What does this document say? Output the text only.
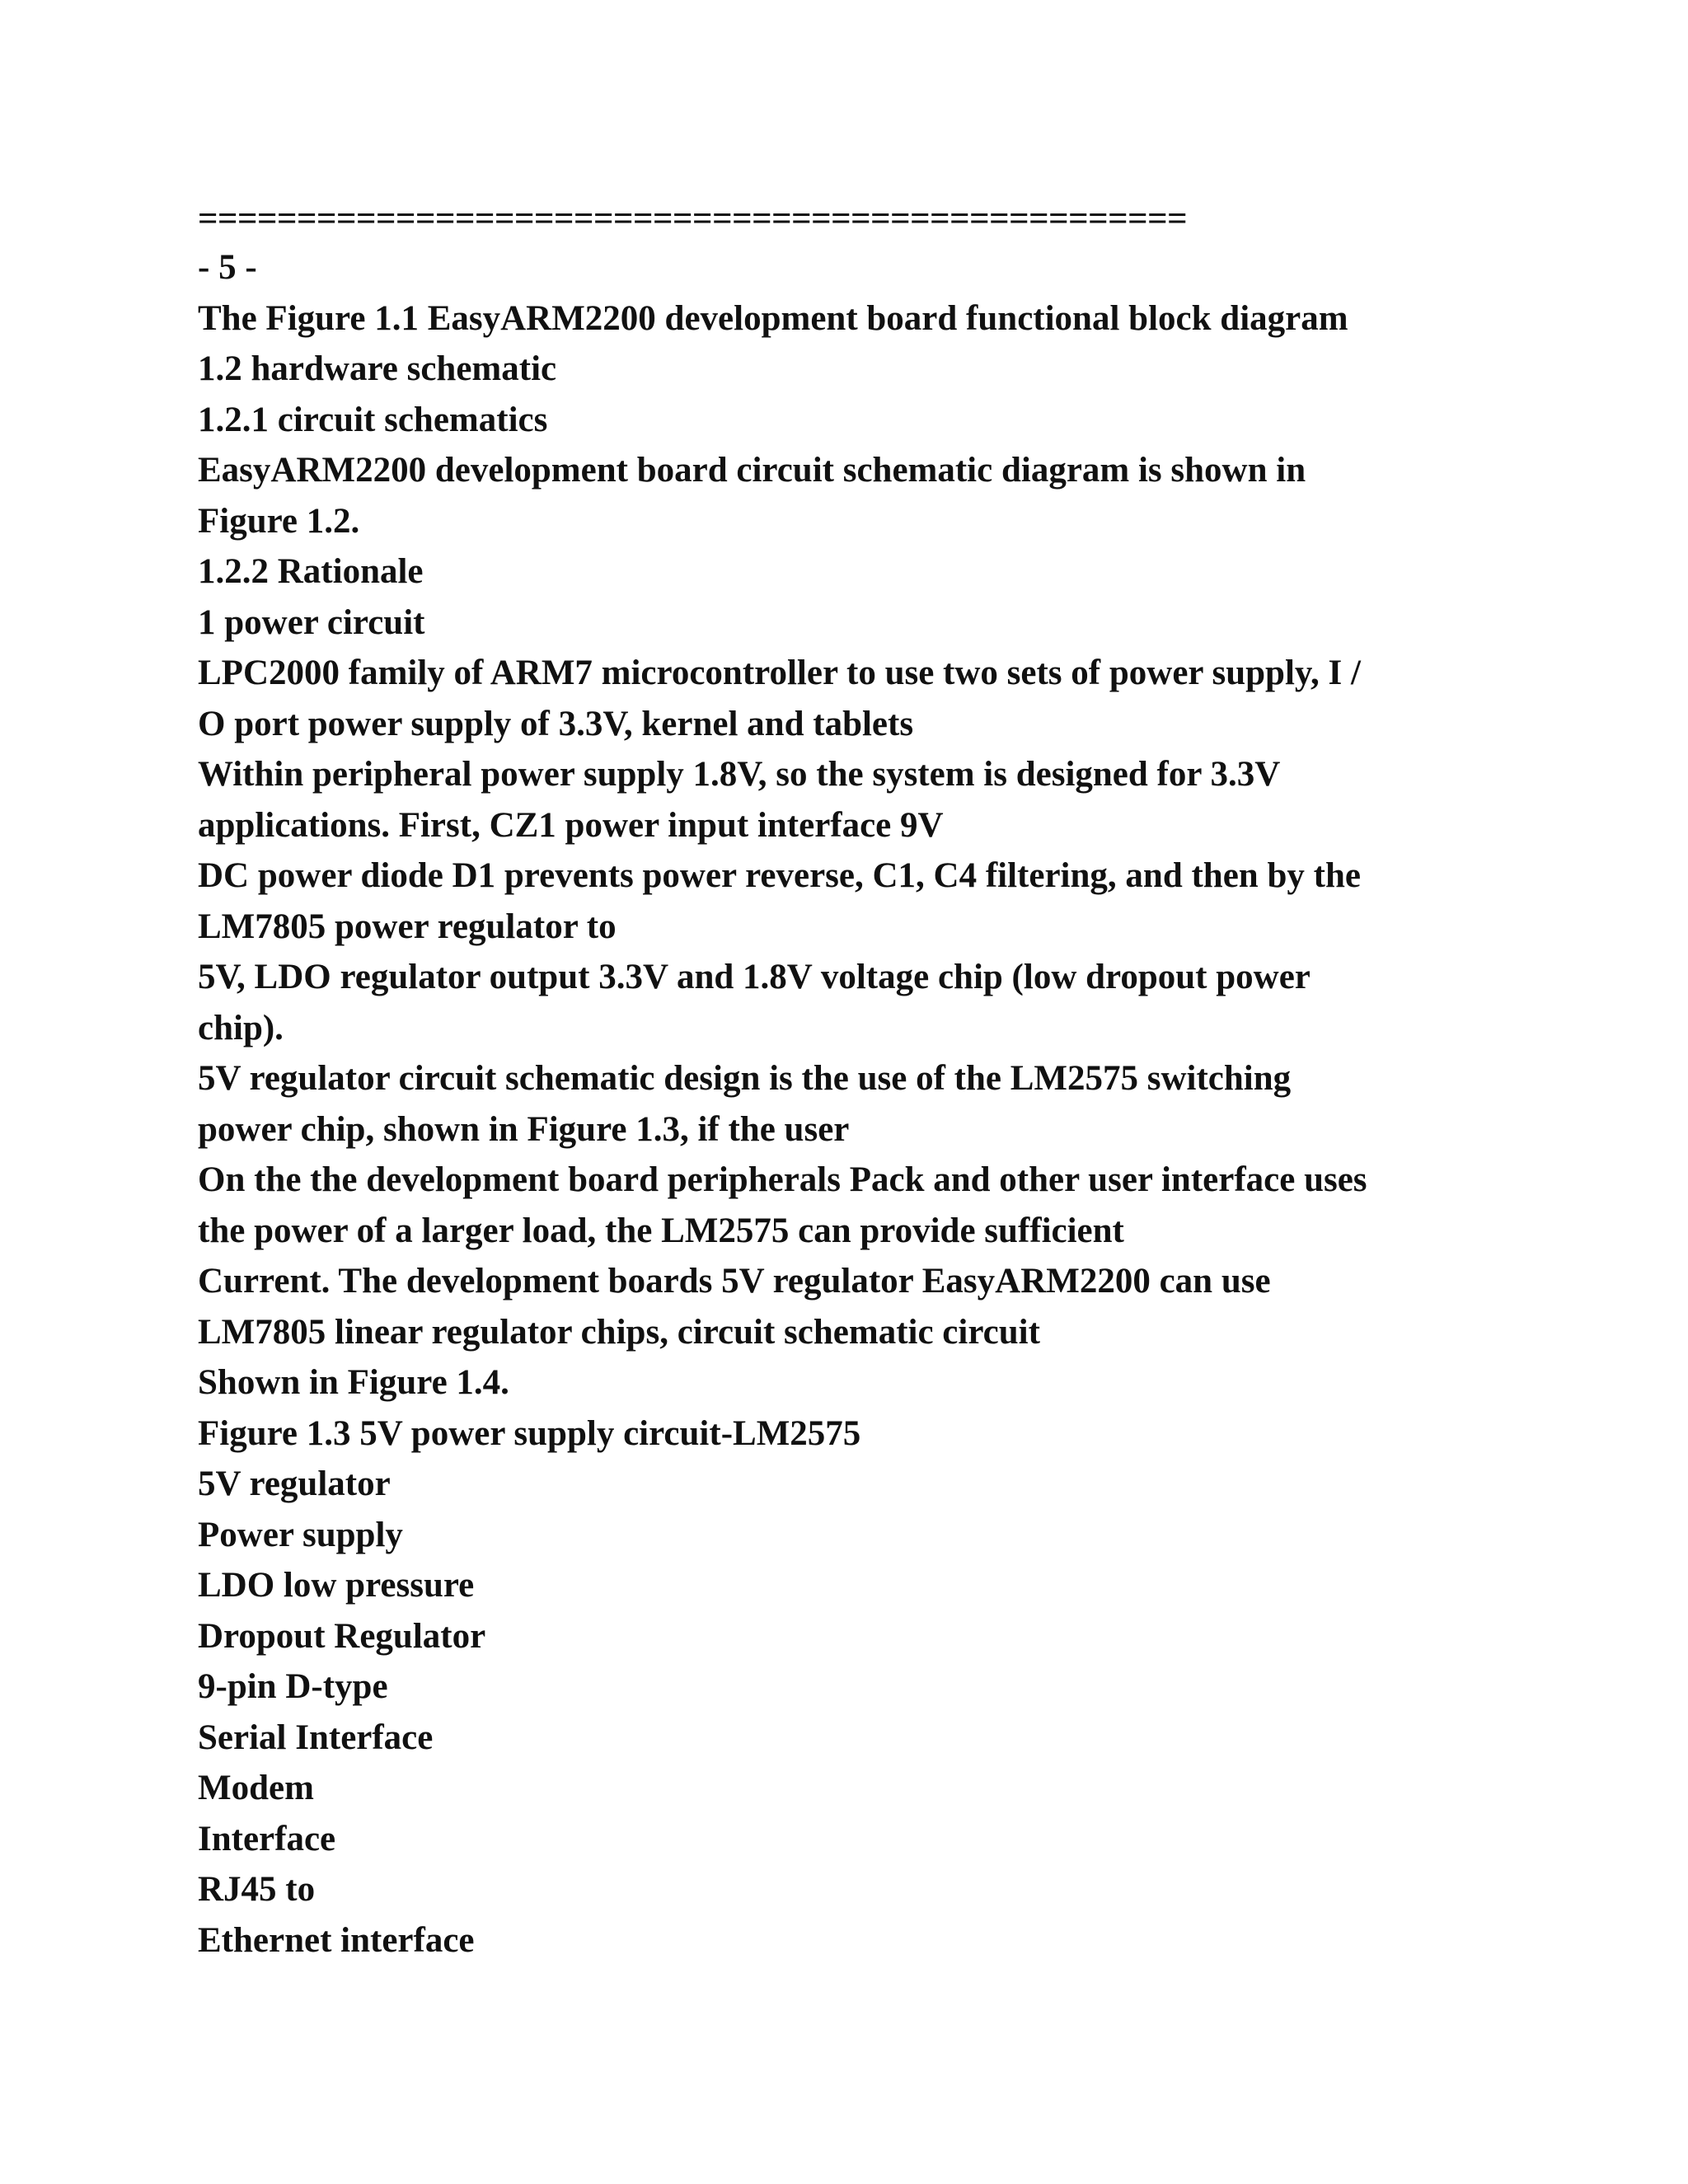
==================================================
- 5 -
The Figure 1.1 EasyARM2200 development board functional block diagram
1.2 hardware schematic
1.2.1 circuit schematics
EasyARM2200 development board circuit schematic diagram is shown in
Figure 1.2.
1.2.2 Rationale
1 power circuit
LPC2000 family of ARM7 microcontroller to use two sets of power supply, I /
O port power supply of 3.3V, kernel and tablets
Within peripheral power supply 1.8V, so the system is designed for 3.3V
applications. First, CZ1 power input interface 9V
DC power diode D1 prevents power reverse, C1, C4 filtering, and then by the
LM7805 power regulator to
5V, LDO regulator output 3.3V and 1.8V voltage chip (low dropout power
chip).
5V regulator circuit schematic design is the use of the LM2575 switching
power chip, shown in Figure 1.3, if the user
On the the development board peripherals Pack and other user interface uses
the power of a larger load, the LM2575 can provide sufficient
Current. The development boards 5V regulator EasyARM2200 can use
LM7805 linear regulator chips, circuit schematic circuit
Shown in Figure 1.4.
Figure 1.3 5V power supply circuit-LM2575
5V regulator
Power supply
LDO low pressure
Dropout Regulator
9-pin D-type
Serial Interface
Modem
Interface
RJ45 to
Ethernet interface
